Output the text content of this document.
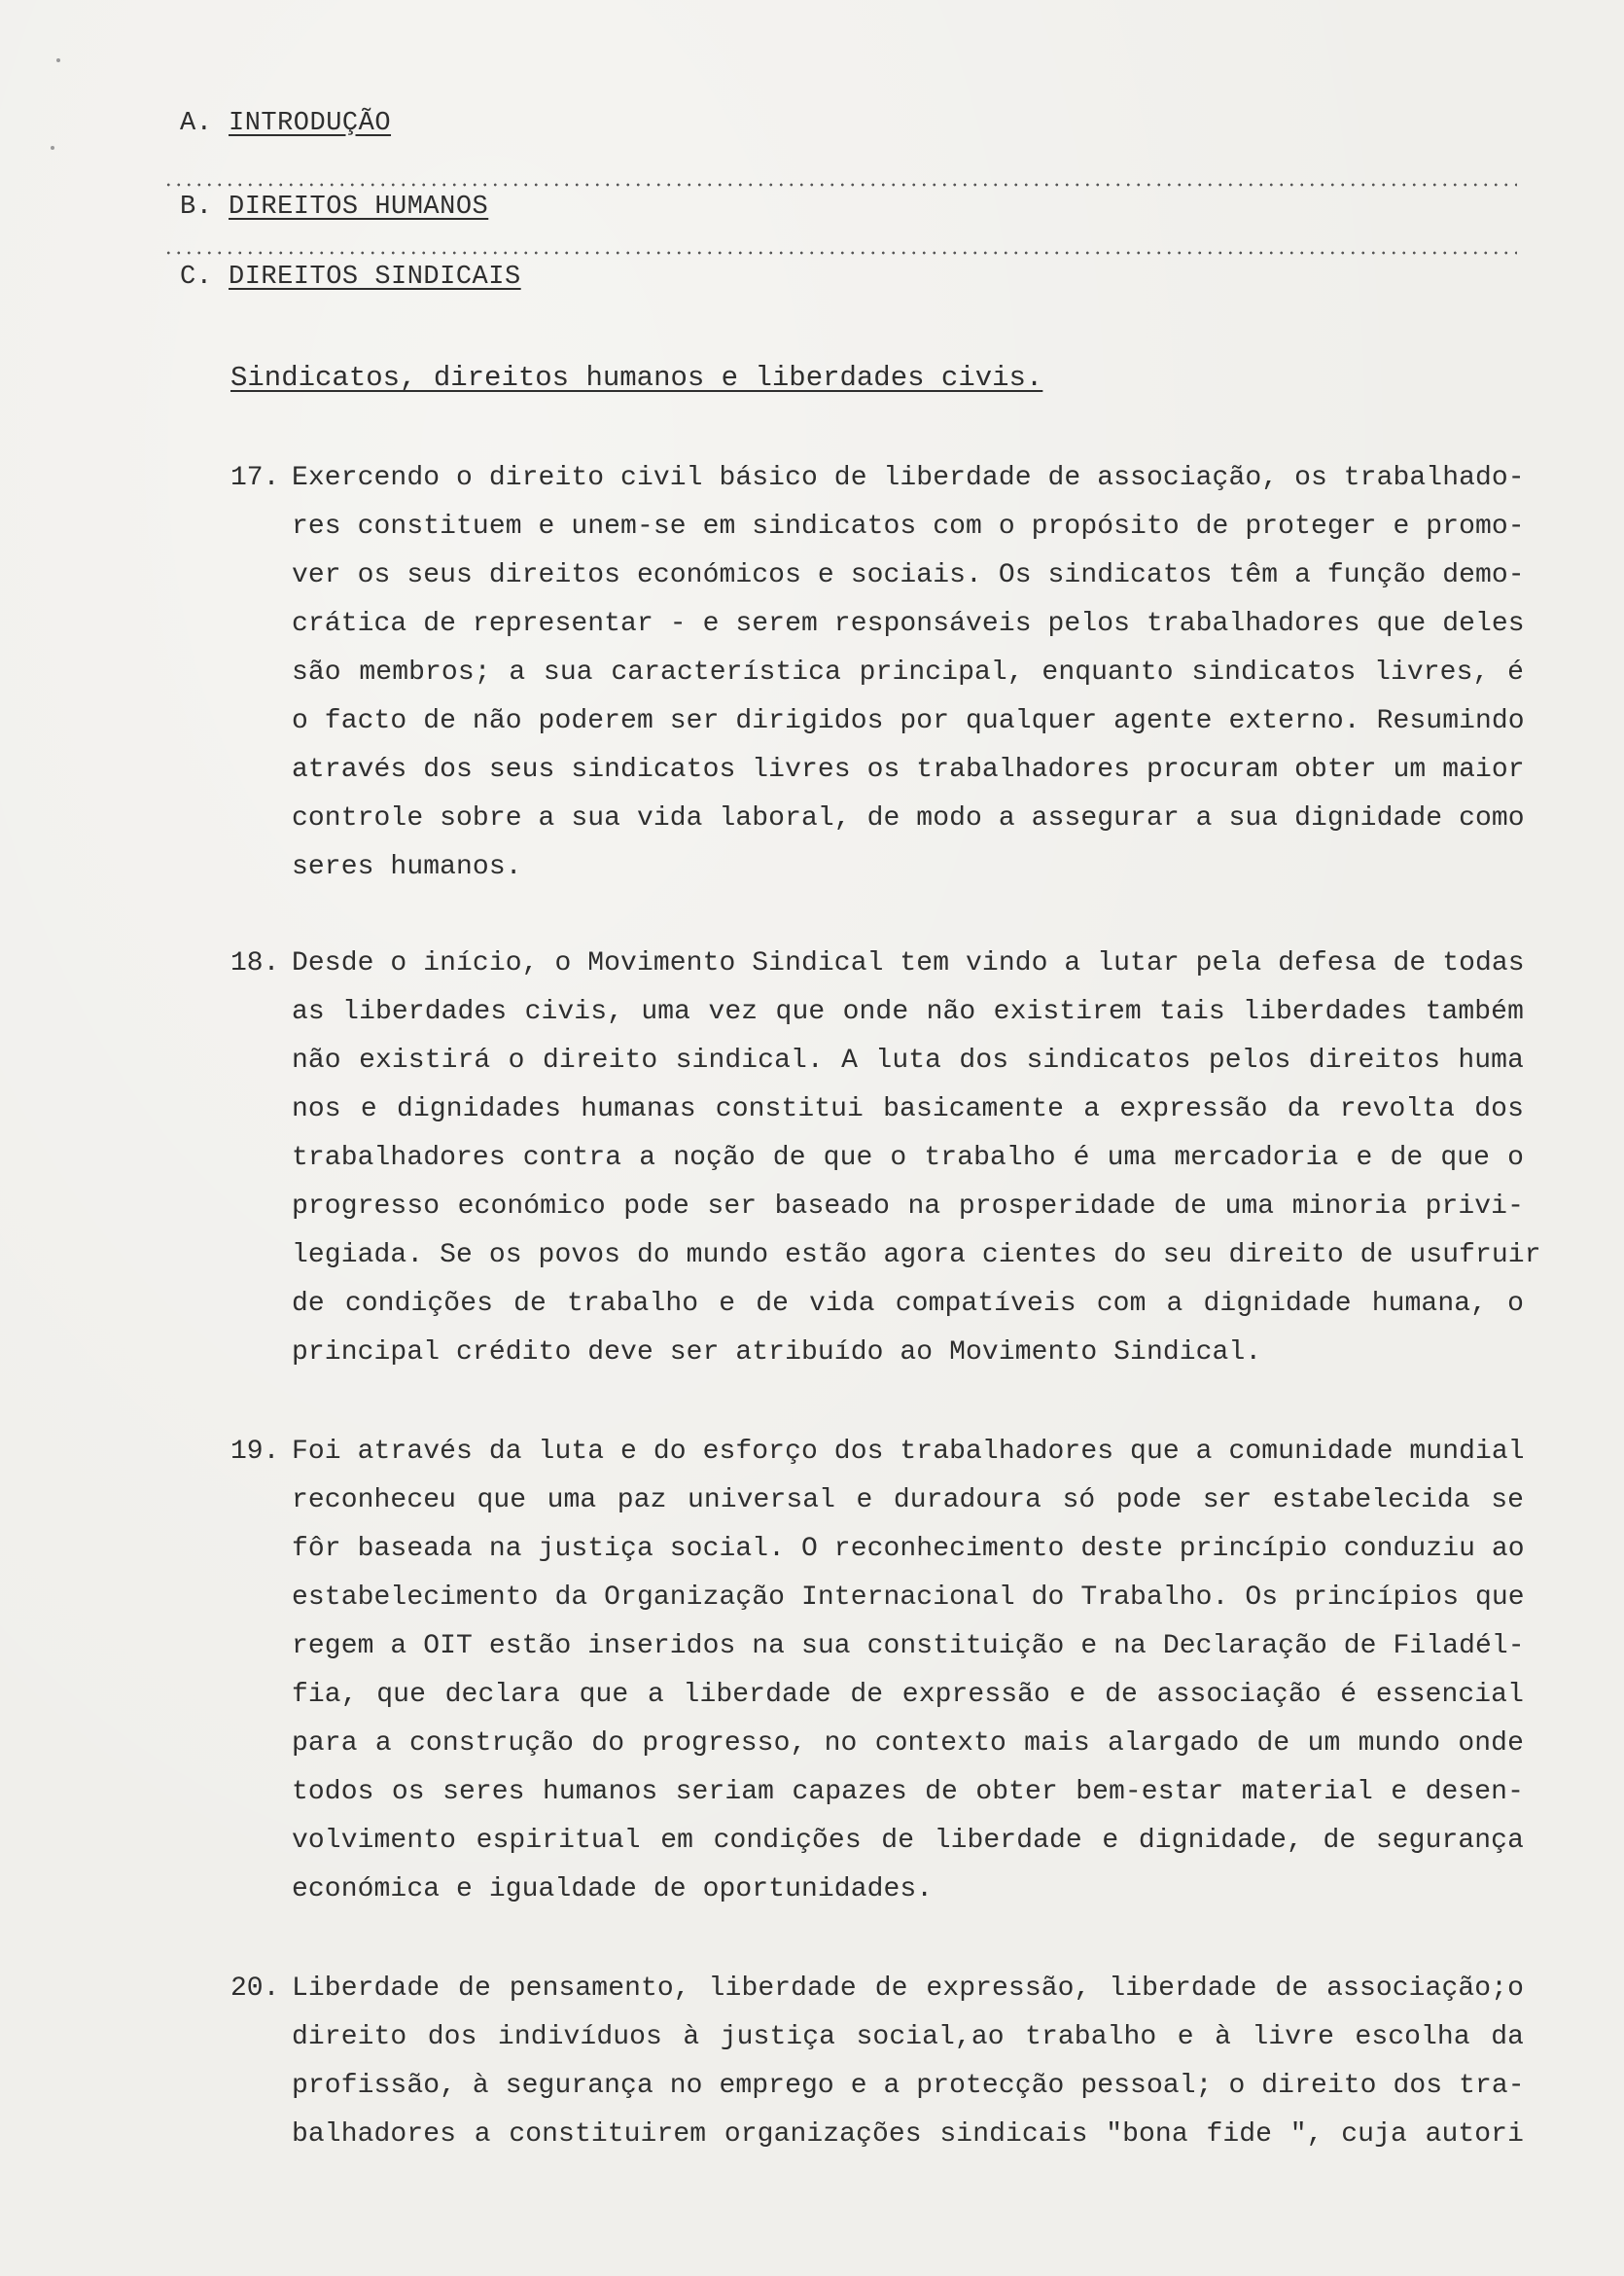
A. INTRODUÇÃO
B. DIREITOS HUMANOS
C. DIREITOS SINDICAIS
Sindicatos, direitos humanos e liberdades civis.
17. Exercendo o direito civil básico de liberdade de associação, os trabalhado-
res constituem e unem-se em sindicatos com o propósito de proteger e promo-
ver os seus direitos económicos e sociais. Os sindicatos têm a função demo-
crática de representar - e serem responsáveis pelos trabalhadores que deles
são membros; a sua característica principal, enquanto sindicatos livres, é
o facto de não poderem ser dirigidos por qualquer agente externo. Resumindo
através dos seus sindicatos livres os trabalhadores procuram obter um maior
controle sobre a sua vida laboral, de modo a assegurar a sua dignidade como
seres humanos.
18. Desde o início, o Movimento Sindical tem vindo a lutar pela defesa de todas
as liberdades civis, uma vez que onde não existirem tais liberdades também
não existirá o direito sindical. A luta dos sindicatos pelos direitos huma
nos e dignidades humanas constitui basicamente a expressão da revolta dos
trabalhadores contra a noção de que o trabalho é uma mercadoria e de que o
progresso económico pode ser baseado na prosperidade de uma minoria privi-
legiada. Se os povos do mundo estão agora cientes do seu direito de usufruir
de condições de trabalho e de vida compatíveis com a dignidade humana, o
principal crédito deve ser atribuído ao Movimento Sindical.
19. Foi através da luta e do esforço dos trabalhadores que a comunidade mundial
reconheceu que uma paz universal e duradoura só pode ser estabelecida se
fôr baseada na justiça social. O reconhecimento deste princípio conduziu ao
estabelecimento da Organização Internacional do Trabalho. Os princípios que
regem a OIT estão inseridos na sua constituição e na Declaração de Filadél-
fia, que declara que a liberdade de expressão e de associação é essencial
para a construção do progresso, no contexto mais alargado de um mundo onde
todos os seres humanos seriam capazes de obter bem-estar material e desen-
volvimento espiritual em condições de liberdade e dignidade, de segurança
económica e igualdade de oportunidades.
20. Liberdade de pensamento, liberdade de expressão, liberdade de associação;o
direito dos indivíduos à justiça social,ao trabalho e à livre escolha da
profissão, à segurança no emprego e a protecção pessoal; o direito dos tra-
balhadores a constituirem organizações sindicais "bona fide ", cuja autori
